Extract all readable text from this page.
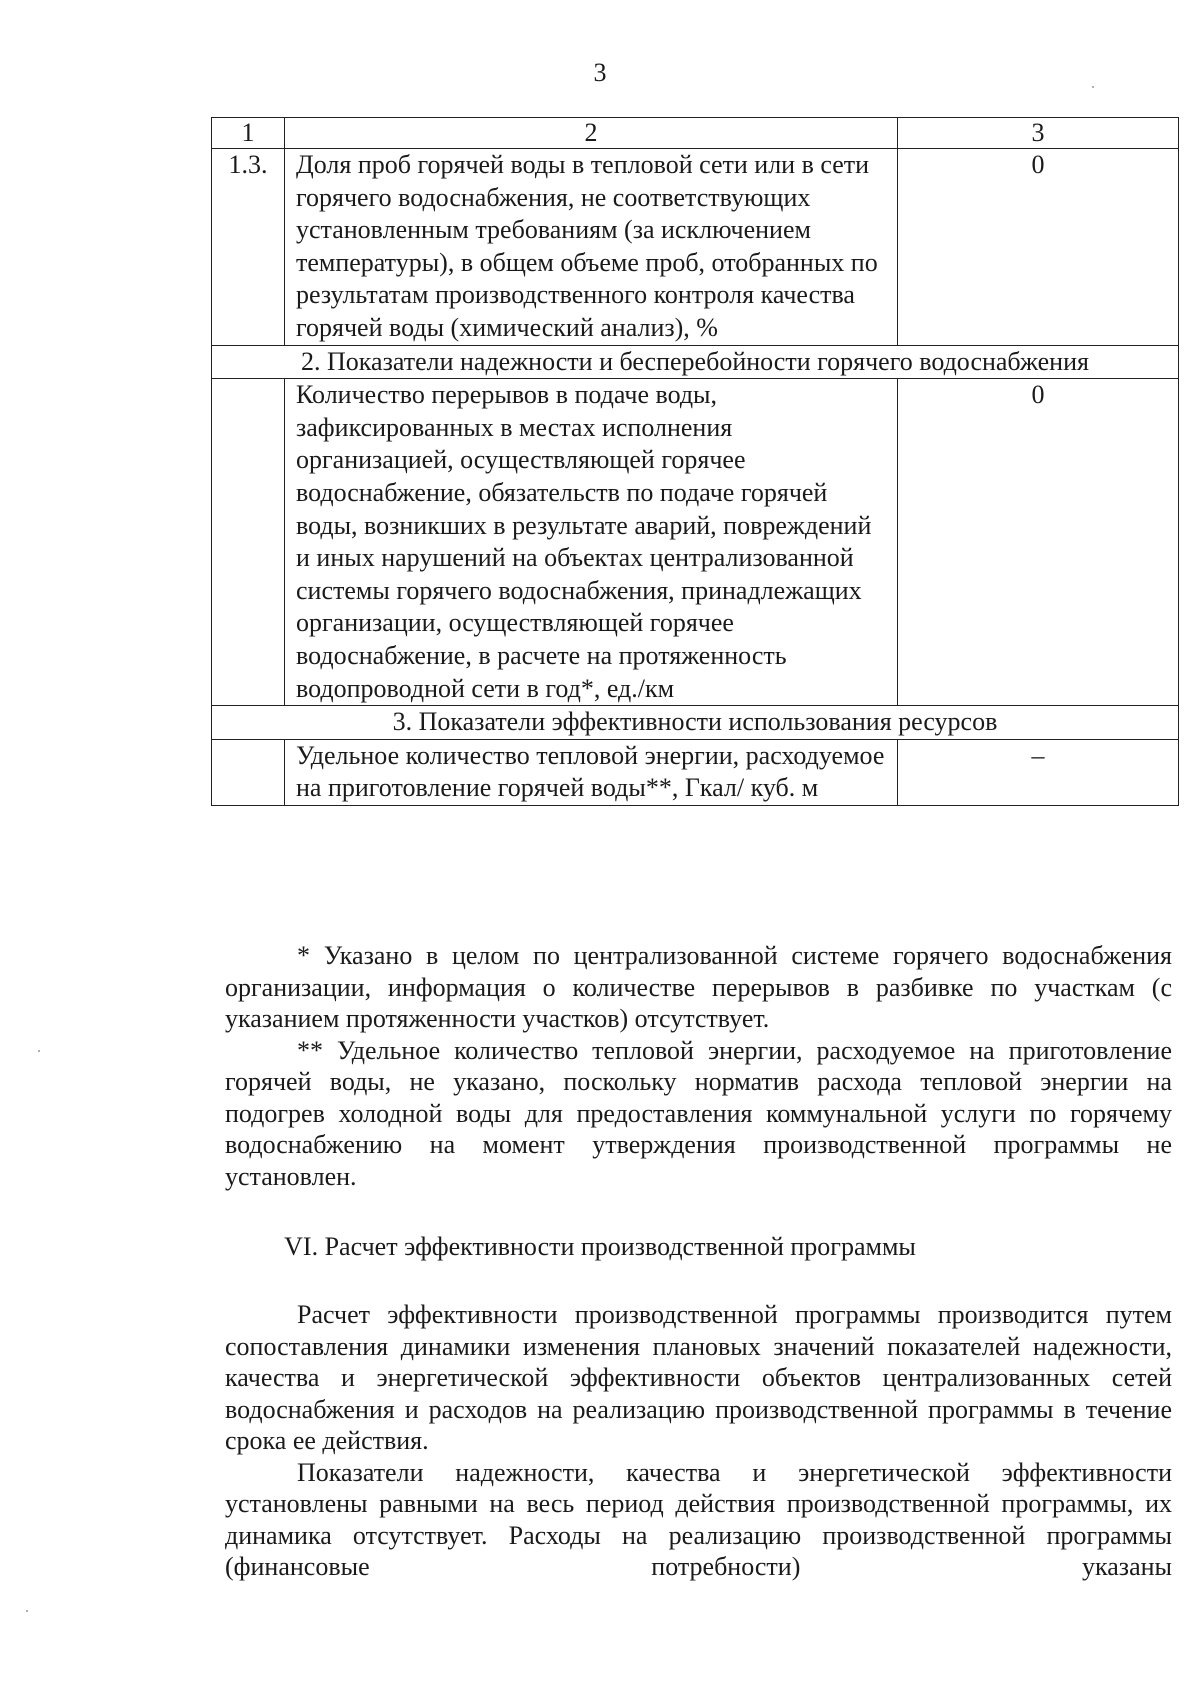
3
1	2	3
1.3.	Доля проб горячей воды в тепловой сети или в сети горячего водоснабжения, не соответствующих установленным требованиям (за исключением температуры), в общем объеме проб, отобранных по результатам производственного контроля качества горячей воды (химический анализ), %	0
2. Показатели надежности и бесперебойности горячего водоснабжения		
	Количество перерывов в подаче воды, зафиксированных в местах исполнения организацией, осуществляющей горячее водоснабжение, обязательств по подаче горячей воды, возникших в результате аварий, повреждений и иных нарушений на объектах централизованной системы горячего водоснабжения, принадлежащих организации, осуществляющей горячее водоснабжение, в расчете на протяженность водопроводной сети в год*, ед./км	0
3. Показатели эффективности использования ресурсов		
	Удельное количество тепловой энергии, расходуемое на приготовление горячей воды**, Гкал/ куб. м	–

* Указано в целом по централизованной системе горячего водоснабжения организации, информация о количестве перерывов в разбивке по участкам (с указанием протяженности участков) отсутствует.

** Удельное количество тепловой энергии, расходуемое на приготовление горячей воды, не указано, поскольку норматив расхода тепловой энергии на подогрев холодной воды для предоставления коммунальной услуги по горячему водоснабжению на момент утверждения производственной программы не установлен.

VI. Расчет эффективности производственной программы

Расчет эффективности производственной программы производится путем сопоставления динамики изменения плановых значений показателей надежности, качества и энергетической эффективности объектов централизованных сетей водоснабжения и расходов на реализацию производственной программы в течение срока ее действия.

Показатели надежности, качества и энергетической эффективности установлены равными на весь период действия производственной программы, их динамика отсутствует. Расходы на реализацию производственной программы (финансовые потребности) указаны
